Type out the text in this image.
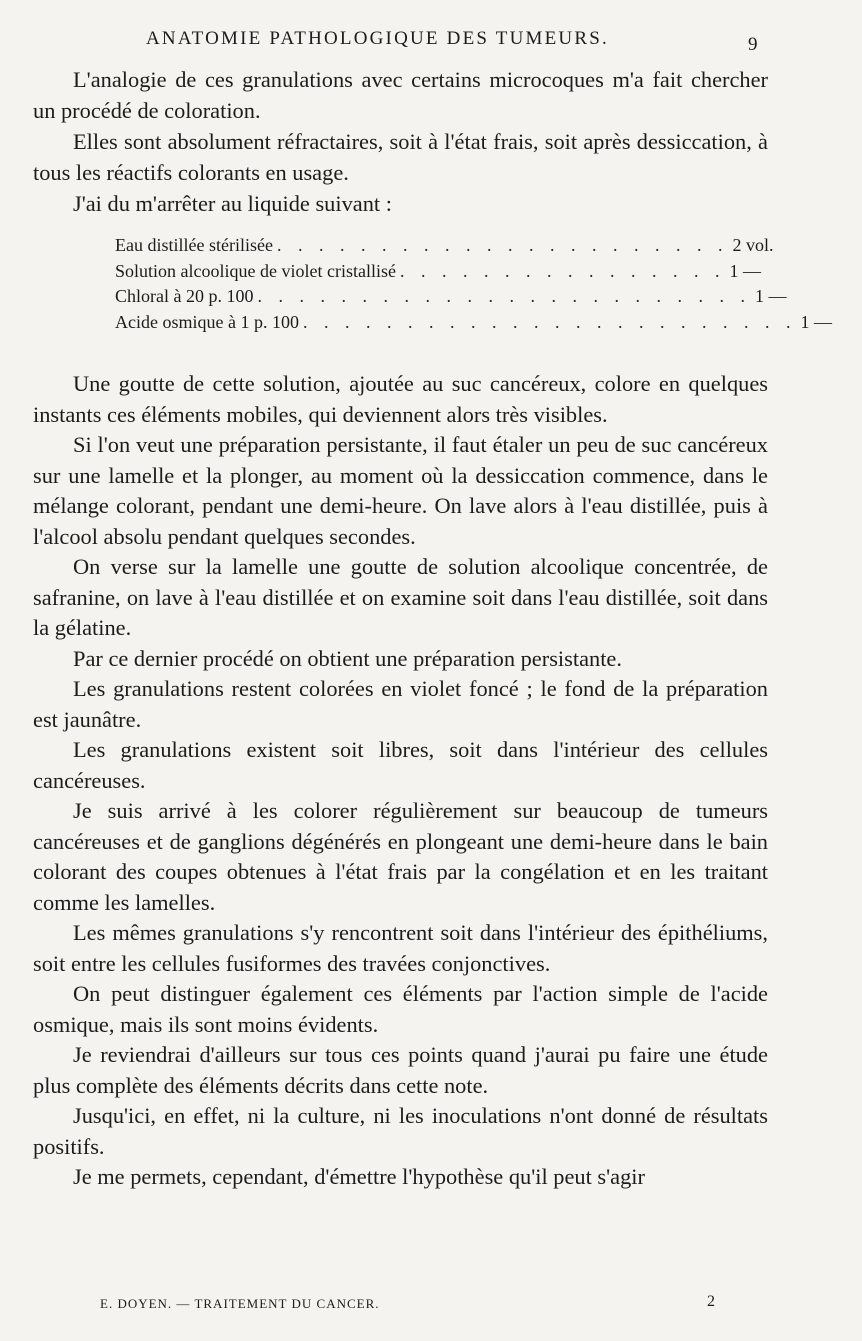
ANATOMIE PATHOLOGIQUE DES TUMEURS.	9

L'analogie de ces granulations avec certains microcoques m'a fait chercher un procédé de coloration.

Elles sont absolument réfractaires, soit à l'état frais, soit après dessiccation, à tous les réactifs colorants en usage.

J'ai du m'arrêter au liquide suivant :

Eau distillée stérilisée . . . . . . . . . . . . . . . . . . . . . . 2 vol.
Solution alcoolique de violet cristallisé . . . . . . . . . . . . . . . . 1 —
Chloral à 20 p. 100 . . . . . . . . . . . . . . . . . . . . . . . . 1 —
Acide osmique à 1 p. 100 . . . . . . . . . . . . . . . . . . . . . . . . 1 —

Une goutte de cette solution, ajoutée au suc cancéreux, colore en quelques instants ces éléments mobiles, qui deviennent alors très visibles.

Si l'on veut une préparation persistante, il faut étaler un peu de suc cancéreux sur une lamelle et la plonger, au moment où la dessiccation commence, dans le mélange colorant, pendant une demi-heure. On lave alors à l'eau distillée, puis à l'alcool absolu pendant quelques secondes.

On verse sur la lamelle une goutte de solution alcoolique concentrée, de safranine, on lave à l'eau distillée et on examine soit dans l'eau distillée, soit dans la gélatine.

Par ce dernier procédé on obtient une préparation persistante.

Les granulations restent colorées en violet foncé ; le fond de la préparation est jaunâtre.

Les granulations existent soit libres, soit dans l'intérieur des cellules cancéreuses.

Je suis arrivé à les colorer régulièrement sur beaucoup de tumeurs cancéreuses et de ganglions dégénérés en plongeant une demi-heure dans le bain colorant des coupes obtenues à l'état frais par la congélation et en les traitant comme les lamelles.

Les mêmes granulations s'y rencontrent soit dans l'intérieur des épithéliums, soit entre les cellules fusiformes des travées conjonctives.

On peut distinguer également ces éléments par l'action simple de l'acide osmique, mais ils sont moins évidents.

Je reviendrai d'ailleurs sur tous ces points quand j'aurai pu faire une étude plus complète des éléments décrits dans cette note.

Jusqu'ici, en effet, ni la culture, ni les inoculations n'ont donné de résultats positifs.

Je me permets, cependant, d'émettre l'hypothèse qu'il peut s'agir

E. DOYEN. — TRAITEMENT DU CANCER.	2
